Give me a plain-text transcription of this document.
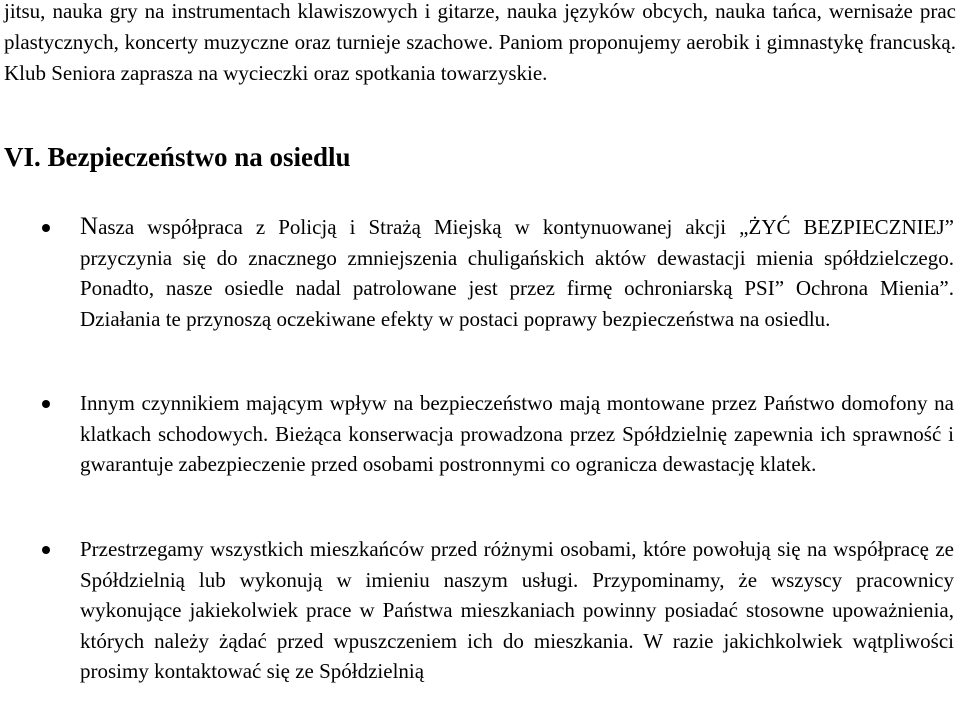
jitsu, nauka gry na instrumentach klawiszowych i gitarze, nauka języków obcych, nauka tańca, wernisaże prac plastycznych, koncerty muzyczne oraz turnieje szachowe. Paniom proponujemy aerobik i gimnastykę francuską. Klub Seniora zaprasza na wycieczki oraz spotkania towarzyskie.

VI. Bezpieczeństwo na osiedlu
Nasza współpraca z Policją i Strażą Miejską w kontynuowanej akcji „ŻYĆ BEZPIECZNIEJ” przyczynia się do znacznego zmniejszenia chuligańskich aktów dewastacji mienia spółdzielczego. Ponadto, nasze osiedle nadal patrolowane jest przez firmę ochroniarską PSI” Ochrona Mienia”. Działania te przynoszą oczekiwane efekty w postaci poprawy bezpieczeństwa na osiedlu.
Innym czynnikiem mającym wpływ na bezpieczeństwo mają montowane przez Państwo domofony na klatkach schodowych. Bieżąca konserwacja prowadzona przez Spółdzielnię zapewnia ich sprawność i gwarantuje zabezpieczenie przed osobami postronnymi co ogranicza dewastację klatek.
Przestrzegamy wszystkich mieszkańców przed różnymi osobami, które powołują się na współpracę ze Spółdzielnią lub wykonują w imieniu naszym usługi. Przypominamy, że wszyscy pracownicy wykonujące jakiekolwiek prace w Państwa mieszkaniach powinny posiadać stosowne upoważnienia, których należy żądać przed wpuszczeniem ich do mieszkania. W razie jakichkolwiek wątpliwości prosimy kontaktować się ze Spółdzielnią
